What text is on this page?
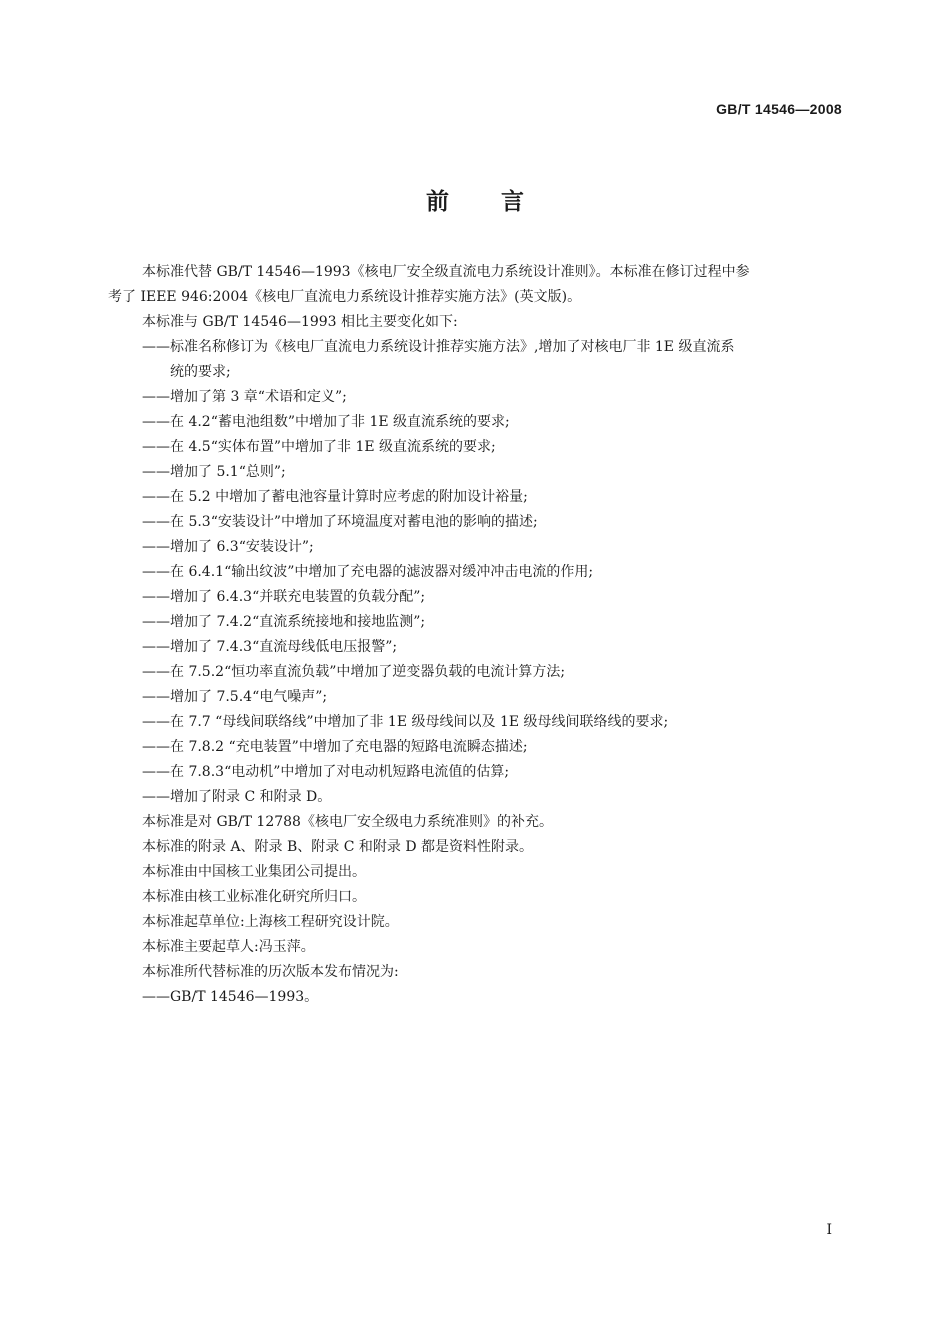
GB/T 14546—2008
前言

本标准代替 GB/T 14546—1993《核电厂安全级直流电力系统设计准则》。本标准在修订过程中参
考了 IEEE 946:2004《核电厂直流电力系统设计推荐实施方法》(英文版)。

本标准与 GB/T 14546—1993 相比主要变化如下:

——标准名称修订为《核电厂直流电力系统设计推荐实施方法》,增加了对核电厂非 1E 级直流系
统的要求;
——增加了第 3 章“术语和定义”;
——在 4.2“蓄电池组数”中增加了非 1E 级直流系统的要求;
——在 4.5“实体布置”中增加了非 1E 级直流系统的要求;
——增加了 5.1“总则”;
——在 5.2 中增加了蓄电池容量计算时应考虑的附加设计裕量;
——在 5.3“安装设计”中增加了环境温度对蓄电池的影响的描述;
——增加了 6.3“安装设计”;
——在 6.4.1“输出纹波”中增加了充电器的滤波器对缓冲冲击电流的作用;
——增加了 6.4.3“并联充电装置的负载分配”;
——增加了 7.4.2“直流系统接地和接地监测”;
——增加了 7.4.3“直流母线低电压报警”;
——在 7.5.2“恒功率直流负载”中增加了逆变器负载的电流计算方法;
——增加了 7.5.4“电气噪声”;
——在 7.7 “母线间联络线”中增加了非 1E 级母线间以及 1E 级母线间联络线的要求;
——在 7.8.2 “充电装置”中增加了充电器的短路电流瞬态描述;
——在 7.8.3“电动机”中增加了对电动机短路电流值的估算;
——增加了附录 C 和附录 D。

本标准是对 GB/T 12788《核电厂安全级电力系统准则》的补充。

本标准的附录 A、附录 B、附录 C 和附录 D 都是资料性附录。

本标准由中国核工业集团公司提出。

本标准由核工业标准化研究所归口。

本标准起草单位:上海核工程研究设计院。

本标准主要起草人:冯玉萍。

本标准所代替标准的历次版本发布情况为:

——GB/T 14546—1993。
I
